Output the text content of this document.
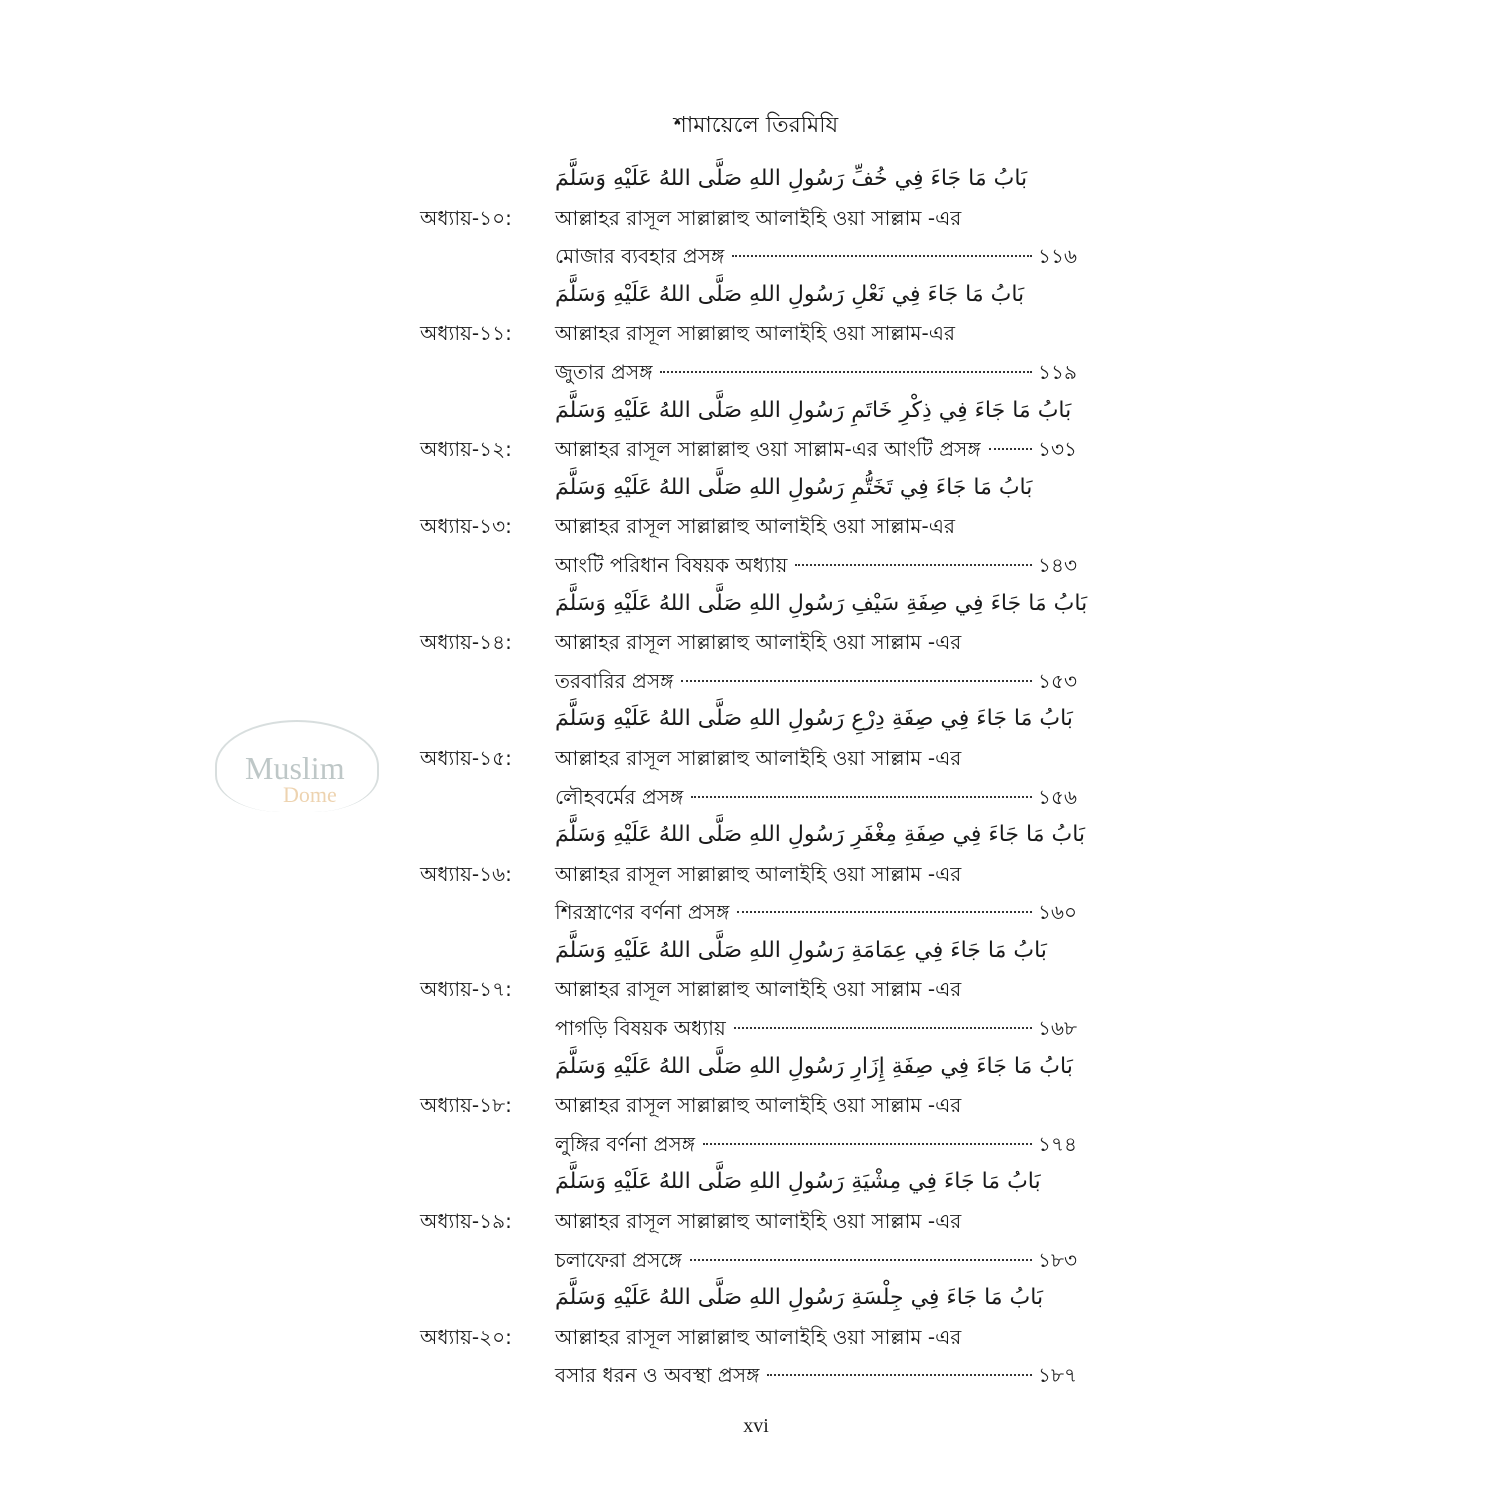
শামায়েলে তিরমিযি
بَابُ مَا جَاءَ فِي خُفِّ رَسُولِ اللهِ صَلَّى اللهُ عَلَيْهِ وَسَلَّمَ
অধ্যায়-১০: আল্লাহর রাসূল সাল্লাল্লাহু আলাইহি ওয়া সাল্লাম -এর
মোজার ব্যবহার প্রসঙ্গ	১১৬
بَابُ مَا جَاءَ فِي نَعْلِ رَسُولِ اللهِ صَلَّى اللهُ عَلَيْهِ وَسَلَّمَ
অধ্যায়-১১: আল্লাহর রাসূল সাল্লাল্লাহু আলাইহি ওয়া সাল্লাম-এর
জুতার প্রসঙ্গ	১১৯
بَابُ مَا جَاءَ فِي ذِكْرِ خَاتَمِ رَسُولِ اللهِ صَلَّى اللهُ عَلَيْهِ وَسَلَّمَ
অধ্যায়-১২: আল্লাহর রাসূল সাল্লাল্লাহু ওয়া সাল্লাম-এর আংটি প্রসঙ্গ	১৩১
بَابُ مَا جَاءَ فِي تَخَتُّمِ رَسُولِ اللهِ صَلَّى اللهُ عَلَيْهِ وَسَلَّمَ
অধ্যায়-১৩: আল্লাহর রাসূল সাল্লাল্লাহু আলাইহি ওয়া সাল্লাম-এর
আংটি পরিধান বিষয়ক অধ্যায়	১৪৩
بَابُ مَا جَاءَ فِي صِفَةِ سَيْفِ رَسُولِ اللهِ صَلَّى اللهُ عَلَيْهِ وَسَلَّمَ
অধ্যায়-১৪: আল্লাহর রাসূল সাল্লাল্লাহু আলাইহি ওয়া সাল্লাম -এর
তরবারির প্রসঙ্গ	১৫৩
بَابُ مَا جَاءَ فِي صِفَةِ دِرْعِ رَسُولِ اللهِ صَلَّى اللهُ عَلَيْهِ وَسَلَّمَ
অধ্যায়-১৫: আল্লাহর রাসূল সাল্লাল্লাহু আলাইহি ওয়া সাল্লাম -এর
লৌহবর্মের প্রসঙ্গ	১৫৬
بَابُ مَا جَاءَ فِي صِفَةِ مِغْفَرِ رَسُولِ اللهِ صَلَّى اللهُ عَلَيْهِ وَسَلَّمَ
অধ্যায়-১৬: আল্লাহর রাসূল সাল্লাল্লাহু আলাইহি ওয়া সাল্লাম -এর
শিরস্ত্রাণের বর্ণনা প্রসঙ্গ	১৬০
بَابُ مَا جَاءَ فِي عِمَامَةِ رَسُولِ اللهِ صَلَّى اللهُ عَلَيْهِ وَسَلَّمَ
অধ্যায়-১৭: আল্লাহর রাসূল সাল্লাল্লাহু আলাইহি ওয়া সাল্লাম -এর
পাগড়ি বিষয়ক অধ্যায়	১৬৮
بَابُ مَا جَاءَ فِي صِفَةِ إِزَارِ رَسُولِ اللهِ صَلَّى اللهُ عَلَيْهِ وَسَلَّمَ
অধ্যায়-১৮: আল্লাহর রাসূল সাল্লাল্লাহু আলাইহি ওয়া সাল্লাম -এর
লুঙ্গির বর্ণনা প্রসঙ্গ	১৭৪
بَابُ مَا جَاءَ فِي مِشْيَةِ رَسُولِ اللهِ صَلَّى اللهُ عَلَيْهِ وَسَلَّمَ
অধ্যায়-১৯: আল্লাহর রাসূল সাল্লাল্লাহু আলাইহি ওয়া সাল্লাম -এর
চলাফেরা প্রসঙ্গে	১৮৩
بَابُ مَا جَاءَ فِي جِلْسَةِ رَسُولِ اللهِ صَلَّى اللهُ عَلَيْهِ وَسَلَّمَ
অধ্যায়-২০: আল্লাহর রাসূল সাল্লাল্লাহু আলাইহি ওয়া সাল্লাম -এর
বসার ধরন ও অবস্থা প্রসঙ্গ	১৮৭
Muslim
Dome
xvi
